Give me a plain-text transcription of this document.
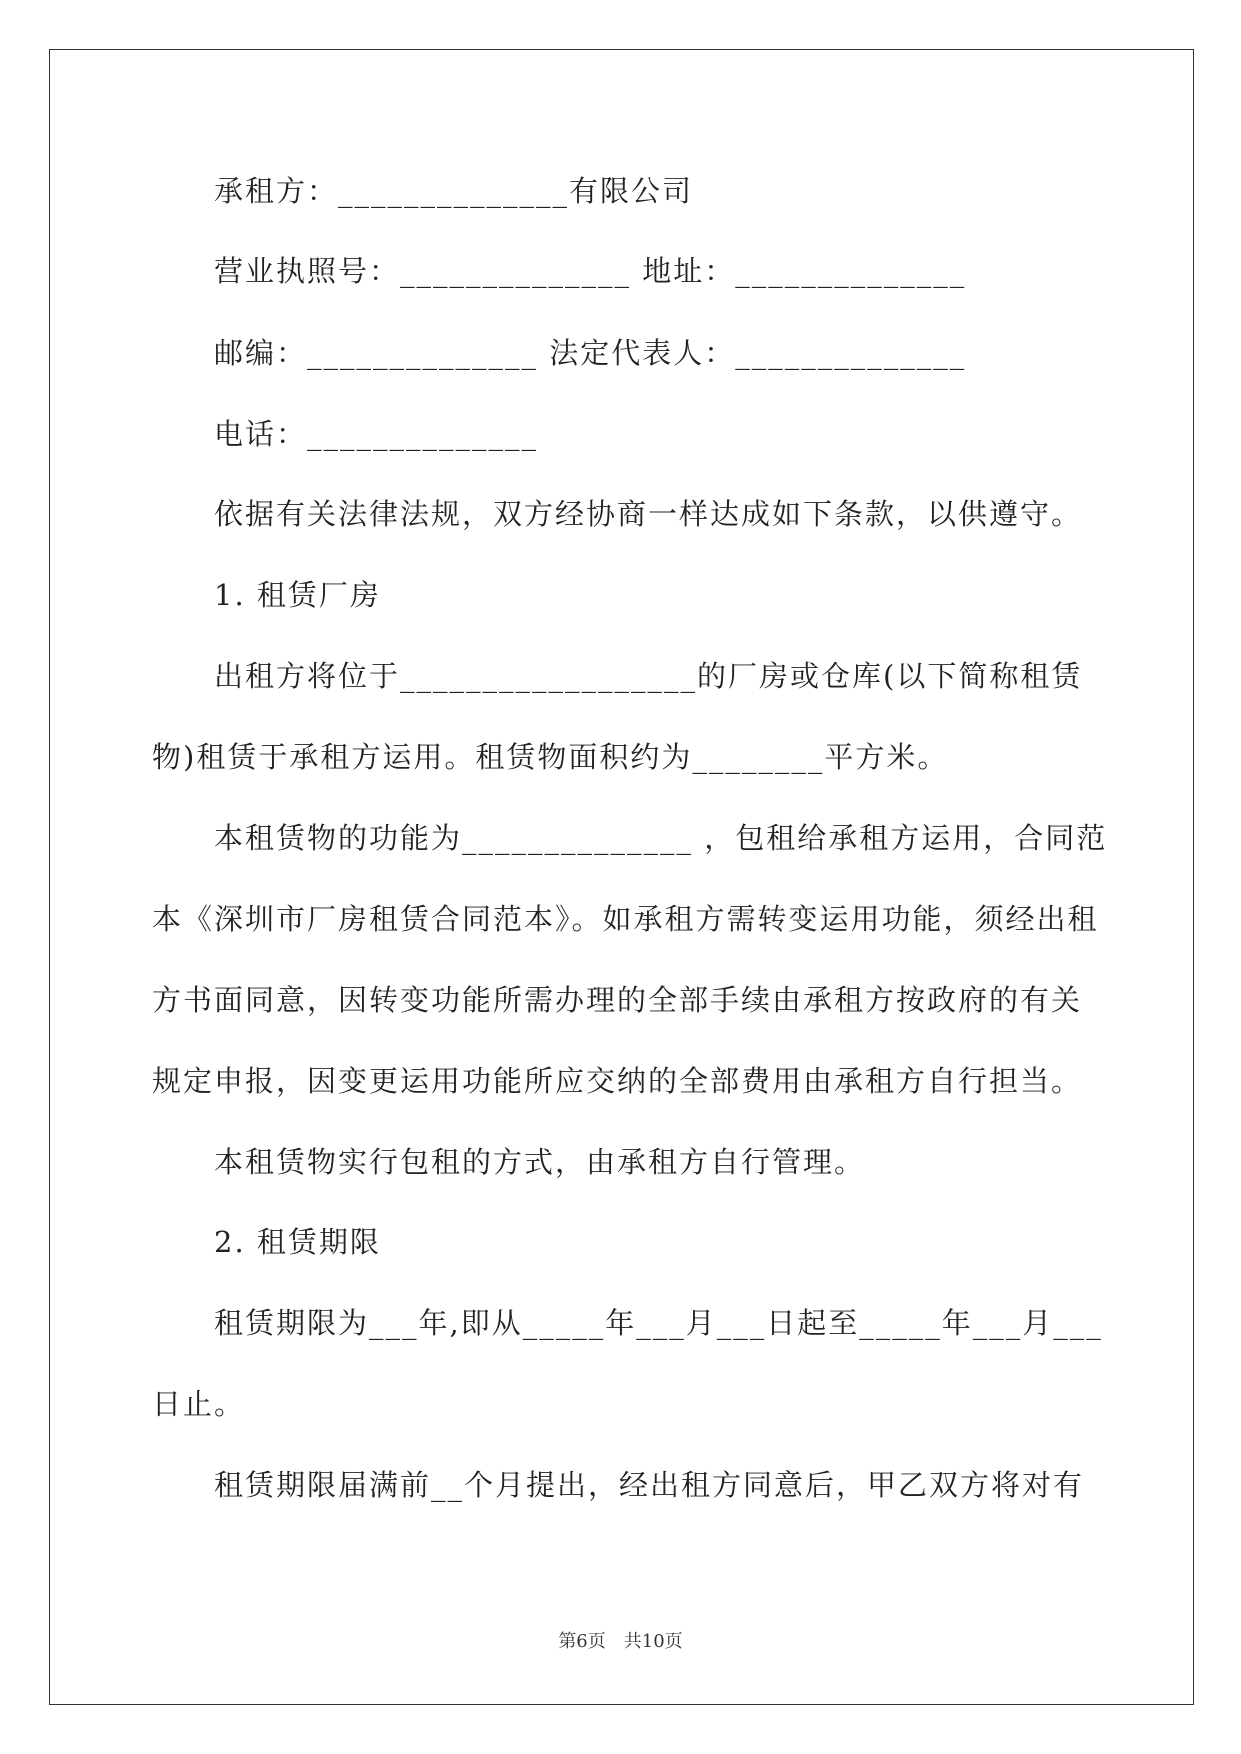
承租方：______________有限公司
营业执照号：______________ 地址：______________
邮编：______________ 法定代表人：______________
电话：______________
依据有关法律法规，双方经协商一样达成如下条款，以供遵守。
1. 租赁厂房
出租方将位于__________________的厂房或仓库(以下简称租赁
物)租赁于承租方运用。租赁物面积约为________平方米。
本租赁物的功能为______________ ，包租给承租方运用，合同范
本《深圳市厂房租赁合同范本》。如承租方需转变运用功能，须经出租
方书面同意，因转变功能所需办理的全部手续由承租方按政府的有关
规定申报，因变更运用功能所应交纳的全部费用由承租方自行担当。
本租赁物实行包租的方式，由承租方自行管理。
2. 租赁期限
租赁期限为___年,即从_____年___月___日起至_____年___月___
日止。
租赁期限届满前__个月提出，经出租方同意后，甲乙双方将对有
第6页　共10页
